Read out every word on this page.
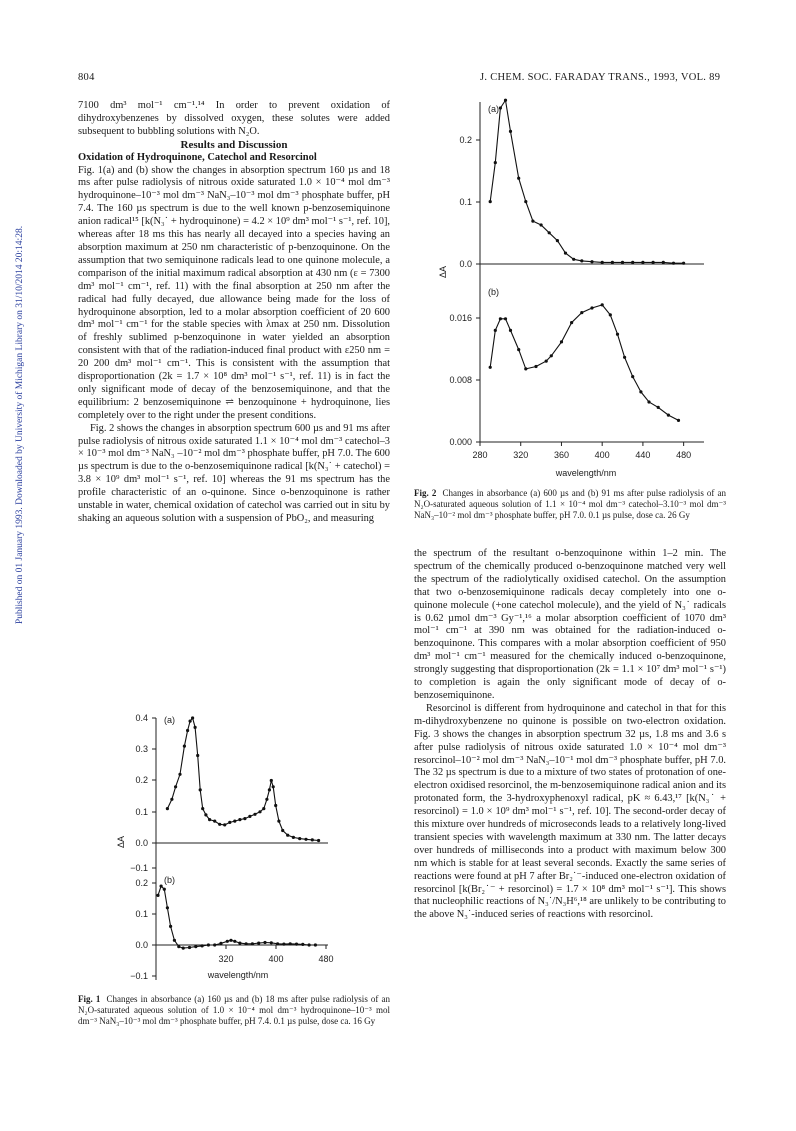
Published on 01 January 1993. Downloaded by University of Michigan Library on 31/10/2014 20:14:28.
804	J. CHEM. SOC. FARADAY TRANS., 1993, VOL. 89

7100 dm³ mol⁻¹ cm⁻¹.¹⁴ In order to prevent oxidation of dihydroxybenzenes by dissolved oxygen, these solutes were added subsequent to bubbling solutions with N₂O.

Results and Discussion

Oxidation of Hydroquinone, Catechol and Resorcinol

Fig. 1(a) and (b) show the changes in absorption spectrum 160 µs and 18 ms after pulse radiolysis of nitrous oxide saturated 1.0 × 10⁻⁴ mol dm⁻³ hydroquinone–10⁻³ mol dm⁻³ NaN₃–10⁻³ mol dm⁻³ phosphate buffer, pH 7.4. The 160 µs spectrum is due to the well known p-benzosemiquinone anion radical¹⁵ [k(N₃˙ + hydroquinone) = 4.2 × 10⁹ dm³ mol⁻¹ s⁻¹, ref. 10], whereas after 18 ms this has nearly all decayed into a species having an absorption maximum at 250 nm characteristic of p-benzoquinone. On the assumption that two semiquinone radicals lead to one quinone molecule, a comparison of the initial maximum radical absorption at 430 nm (ε = 7300 dm³ mol⁻¹ cm⁻¹, ref. 11) with the final absorption at 250 nm after the radical had fully decayed, due allowance being made for the loss of hydroquinone absorption, led to a molar absorption coefficient of 20 600 dm³ mol⁻¹ cm⁻¹ for the stable species with λmax at 250 nm. Dissolution of freshly sublimed p-benzoquinone in water yielded an absorption consistent with that of the radiation-induced final product with ε250 nm = 20 200 dm³ mol⁻¹ cm⁻¹. This is consistent with the assumption that disproportionation (2k = 1.7 × 10⁸ dm³ mol⁻¹ s⁻¹, ref. 11) is in fact the only significant mode of decay of the benzosemiquinone, and that the equilibrium: 2 benzosemiquinone ⇌ benzoquinone + hydroquinone, lies completely over to the right under the present conditions.

Fig. 2 shows the changes in absorption spectrum 600 µs and 91 ms after pulse radiolysis of nitrous oxide saturated 1.1 × 10⁻⁴ mol dm⁻³ catechol–3 × 10⁻³ mol dm⁻³ NaN₃ –10⁻² mol dm⁻³ phosphate buffer, pH 7.0. The 600 µs spectrum is due to the o-benzosemiquinone radical [k(N₃˙ + catechol) = 3.8 × 10⁹ dm³ mol⁻¹ s⁻¹, ref. 10] whereas the 91 ms spectrum has the profile characteristic of an o-quinone. Since o-benzoquinone is rather unstable in water, chemical oxidation of catechol was carried out in situ by shaking an aqueous solution with a suspension of PbO₂, and measuring

0.4
0.3
0.2
0.1
0.0
−0.1
0.2
0.1
0.0
−0.1
(a)
(b)
ΔA
320	400	480
wavelength/nm
Fig. 1 Changes in absorbance (a) 160 µs and (b) 18 ms after pulse radiolysis of an N₂O-saturated aqueous solution of 1.0 × 10⁻⁴ mol dm⁻³ hydroquinone–10⁻³ mol dm⁻³ NaN₃–10⁻³ mol dm⁻³ phosphate buffer, pH 7.4. 0.1 µs pulse, dose ca. 16 Gy
0.2
0.1
0.0
0.016
0.008
0.000
(a)
(b)
ΔA
280	320	360	400	440	480
wavelength/nm
Fig. 2 Changes in absorbance (a) 600 µs and (b) 91 ms after pulse radiolysis of an N₂O-saturated aqueous solution of 1.1 × 10⁻⁴ mol dm⁻³ catechol–3.10⁻³ mol dm⁻³ NaN₃–10⁻² mol dm⁻³ phosphate buffer, pH 7.0. 0.1 µs pulse, dose ca. 26 Gy

the spectrum of the resultant o-benzoquinone within 1–2 min. The spectrum of the chemically produced o-benzoquinone matched very well the spectrum of the radiolytically oxidised catechol. On the assumption that two o-benzosemiquinone radicals decay completely into one o-quinone molecule (+one catechol molecule), and the yield of N₃˙ radicals is 0.62 µmol dm⁻³ Gy⁻¹,¹⁶ a molar absorption coefficient of 1070 dm³ mol⁻¹ cm⁻¹ at 390 nm was obtained for the radiation-induced o-benzoquinone. This compares with a molar absorption coefficient of 950 dm³ mol⁻¹ cm⁻¹ measured for the chemically induced o-benzoquinone, strongly suggesting that disproportionation (2k = 1.1 × 10⁷ dm³ mol⁻¹ s⁻¹) to completion is again the only significant mode of decay of o-benzosemiquinone.

Resorcinol is different from hydroquinone and catechol in that for this m-dihydroxybenzene no quinone is possible on two-electron oxidation. Fig. 3 shows the changes in absorption spectrum 32 µs, 1.8 ms and 3.6 s after pulse radiolysis of nitrous oxide saturated 1.0 × 10⁻⁴ mol dm⁻³ resorcinol–10⁻² mol dm⁻³ NaN₃–10⁻¹ mol dm⁻³ phosphate buffer, pH 7.0. The 32 µs spectrum is due to a mixture of two states of protonation of one-electron oxidised resorcinol, the m-benzosemiquinone radical anion and its protonated form, the 3-hydroxyphenoxyl radical, pK ≈ 6.43,¹⁷ [k(N₃˙ + resorcinol) = 1.0 × 10⁹ dm³ mol⁻¹ s⁻¹, ref. 10]. The second-order decay of this mixture over hundreds of microseconds leads to a relatively long-lived transient species with wavelength maximum at 330 nm. The latter decays over hundreds of milliseconds into a product with maximum below 300 nm which is stable for at least several seconds. Exactly the same series of reactions were found at pH 7 after Br₂˙⁻-induced one-electron oxidation of resorcinol [k(Br₂˙⁻ + resorcinol) = 1.7 × 10⁸ dm³ mol⁻¹ s⁻¹]. This shows that nucleophilic reactions of N₃˙/N₃H⁶,¹⁸ are unlikely to be contributing to the above N₃˙-induced series of reactions with resorcinol.
